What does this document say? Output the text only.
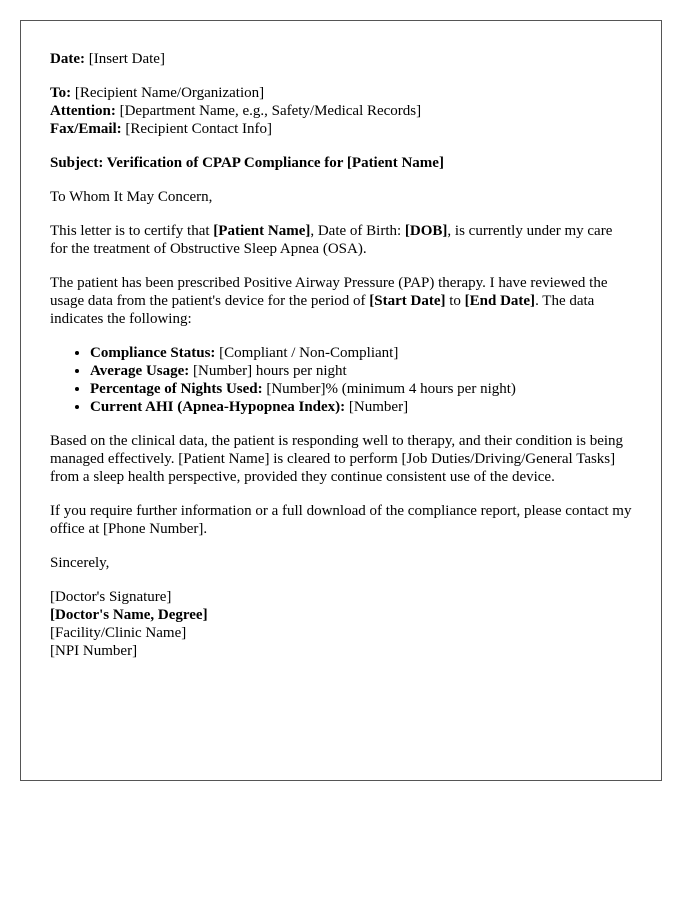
Date: [Insert Date]
To: [Recipient Name/Organization]
Attention: [Department Name, e.g., Safety/Medical Records]
Fax/Email: [Recipient Contact Info]
Subject: Verification of CPAP Compliance for [Patient Name]
To Whom It May Concern,
This letter is to certify that [Patient Name], Date of Birth: [DOB], is currently under my care for the treatment of Obstructive Sleep Apnea (OSA).
The patient has been prescribed Positive Airway Pressure (PAP) therapy. I have reviewed the usage data from the patient's device for the period of [Start Date] to [End Date]. The data indicates the following:
• Compliance Status: [Compliant / Non-Compliant]
• Average Usage: [Number] hours per night
• Percentage of Nights Used: [Number]% (minimum 4 hours per night)
• Current AHI (Apnea-Hypopnea Index): [Number]
Based on the clinical data, the patient is responding well to therapy, and their condition is being managed effectively. [Patient Name] is cleared to perform [Job Duties/Driving/General Tasks] from a sleep health perspective, provided they continue consistent use of the device.
If you require further information or a full download of the compliance report, please contact my office at [Phone Number].
Sincerely,
[Doctor's Signature]
[Doctor's Name, Degree]
[Facility/Clinic Name]
[NPI Number]
